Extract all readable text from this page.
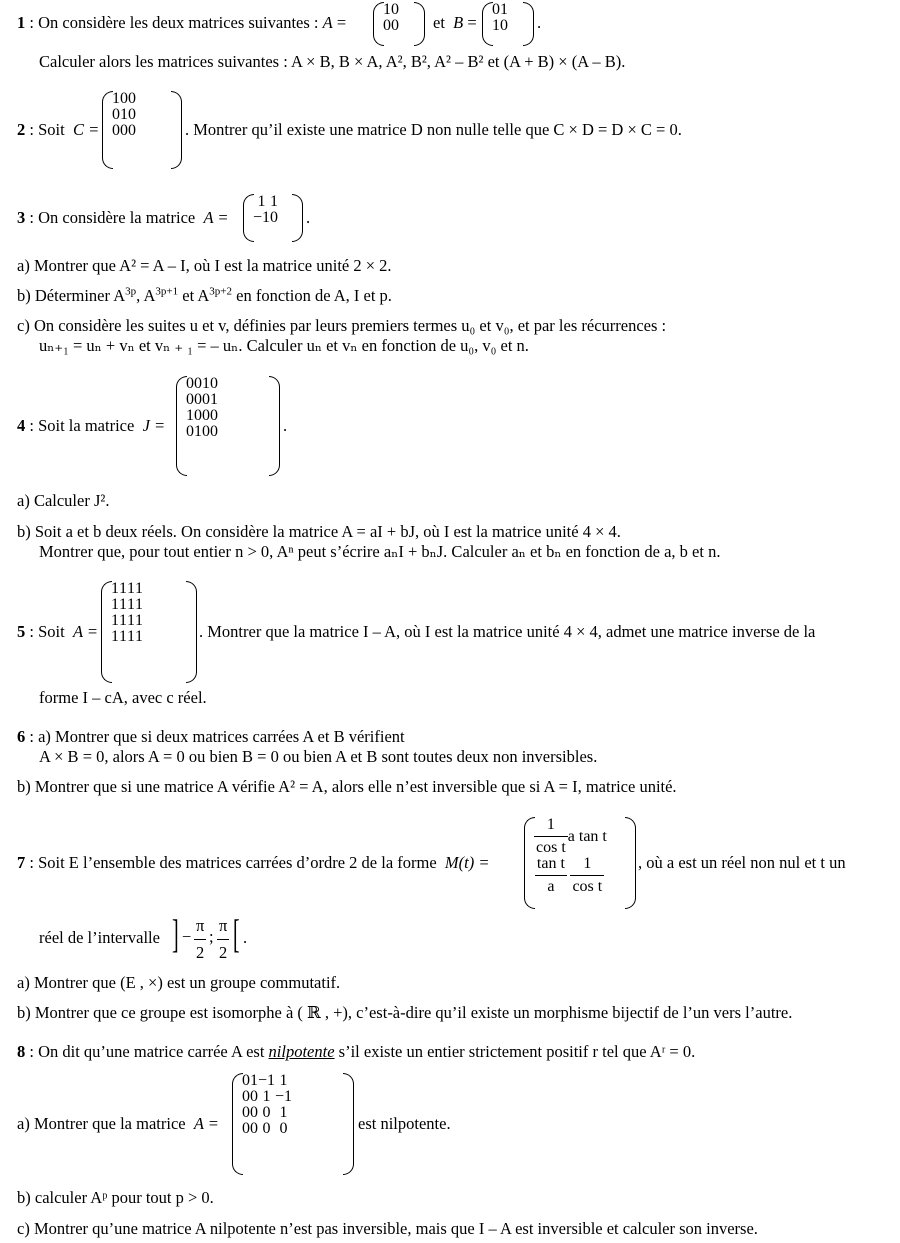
1 : On considère les deux matrices suivantes : A =
1	0
0	0 et B =
0	1
1	0 .
Calculer alors les matrices suivantes : A × B, B × A, A², B², A² – B² et (A + B) × (A – B).
2 : Soit  C =
1	0	0
0	1	0
0	0	0	. Montrer qu’il existe une matrice D non nulle telle que C × D = D × C = 0.
3 : On considère la matrice  A =
1	1
−1	0 .
a) Montrer que A² = A – I, où I est la matrice unité 2 × 2.
b) Déterminer $A^{3p}$, $A^{3p+1}$ et $A^{3p+2}$ en fonction de A, I et p.
c) On considère les suites u et v, définies par leurs premiers termes u₀ et v₀, et par les récurrences :
uₙ₊₁ = uₙ + vₙ et vₙ ₊ ₁ = – uₙ. Calculer uₙ et vₙ en fonction de u₀, v₀ et n.
4 : Soit la matrice  J =
0	0	1	0
0	0	0	1
1	0	0	0
0	1	0	0	.
a) Calculer J².
b) Soit a et b deux réels. On considère la matrice A = aI + bJ, où I est la matrice unité 4 × 4.
Montrer que, pour tout entier n > 0, Aⁿ peut s’écrire aₙI + bₙJ. Calculer aₙ et bₙ en fonction de a, b et n.
5 : Soit  A =
1	1	1	1
1	1	1	1
1	1	1	1
1	1	1	1	. Montrer que la matrice I – A, où I est la matrice unité 4 × 4, admet une matrice inverse de la
forme I – cA, avec c réel.
6 : a) Montrer que si deux matrices carrées A et B vérifient
A × B = 0, alors A = 0 ou bien B = 0 ou bien A et B sont toutes deux non inversibles.
b) Montrer que si une matrice A vérifie A² = A, alors elle n’est inversible que si A = I, matrice unité.
7 : Soit E l’ensemble des matrices carrées d’ordre 2 de la forme  M(t) =
$\frac{1}{\text{cos t}}$	a tan t

$\frac{\text{tan t}}{a}$	$\frac{1}{\text{cos t}}$ , où a est un réel non nul et t un
réel de l’intervalle ] − $\frac{\pi}{2}$ ; $\frac{\pi}{2}$ [ .
a) Montrer que (E , ×) est un groupe commutatif.
b) Montrer que ce groupe est isomorphe à ( ℝ , +), c’est-à-dire qu’il existe un morphisme bijectif de l’un vers l’autre.
8 : On dit qu’une matrice carrée A est nilpotente s’il existe un entier strictement positif r tel que Aʳ = 0.
a) Montrer que la matrice  A =
0	1	−1	1
0	0	1	−1
0	0	0	1
0	0	0	0	est nilpotente.
b) calculer Aᵖ pour tout p > 0.
c) Montrer qu’une matrice A nilpotente n’est pas inversible, mais que I – A est inversible et calculer son inverse.
